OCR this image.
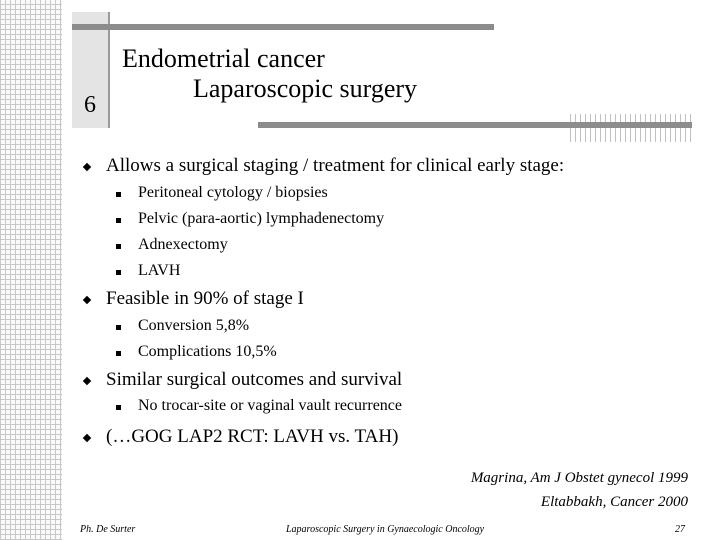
6
Endometrial cancer
Laparoscopic surgery
Allows a surgical staging / treatment for clinical early stage:
Peritoneal cytology / biopsies
Pelvic (para-aortic) lymphadenectomy
Adnexectomy
LAVH
Feasible in 90% of stage I
Conversion 5,8%
Complications 10,5%
Similar surgical outcomes and survival
No trocar-site or vaginal vault recurrence
(…GOG LAP2 RCT: LAVH vs. TAH)
Magrina, Am J Obstet gynecol 1999
Eltabbakh, Cancer 2000
Ph. De Surter	Laparoscopic Surgery in Gynaecologic Oncology	27
